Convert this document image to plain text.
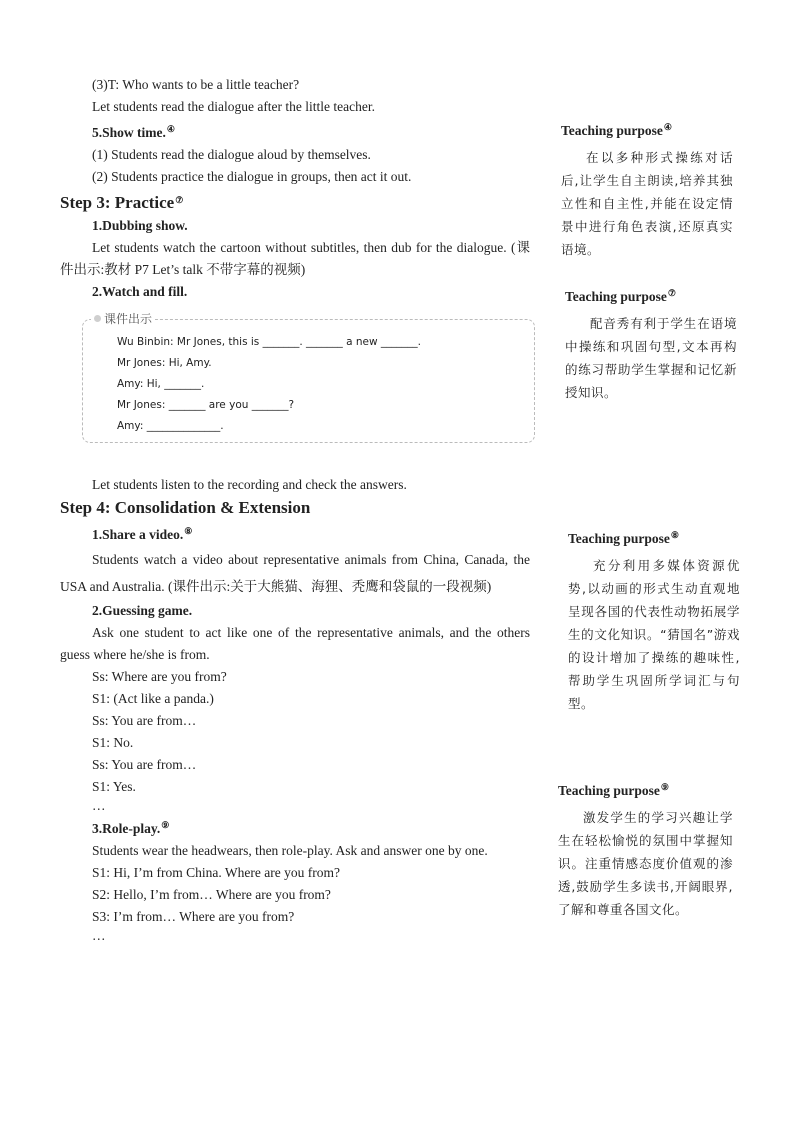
(3)T: Who wants to be a little teacher?

Let students read the dialogue after the little teacher.

5.Show time.④

(1) Students read the dialogue aloud by themselves.

(2) Students practice the dialogue in groups, then act it out.

Step 3: Practice⑦

1.Dubbing show.

Let students watch the cartoon without subtitles, then dub for the dialogue. (课件出示:教材 P7 Let’s talk 不带字幕的视频)

2.Watch and fill.

课件出示
Wu Binbin: Mr Jones, this is _______. _______ a new _______.
Mr Jones: Hi, Amy.
Amy: Hi, _______.
Mr Jones: _______ are you _______?
Amy: ______________.

Let students listen to the recording and check the answers.

Step 4: Consolidation & Extension

1.Share a video.⑧

Students watch a video about representative animals from China, Canada, the USA and Australia. (课件出示:关于大熊猫、海狸、秃鹰和袋鼠的一段视频)

2.Guessing game.

Ask one student to act like one of the representative animals, and the others guess where he/she is from.

Ss: Where are you from?

S1: (Act like a panda.)

Ss: You are from…

S1: No.

Ss: You are from…

S1: Yes.

…

3.Role-play.⑨

Students wear the headwears, then role-play. Ask and answer one by one.

S1: Hi, I’m from China. Where are you from?

S2: Hello, I’m from… Where are you from?

S3: I’m from… Where are you from?

…

Teaching purpose④

在以多种形式操练对话后,让学生自主朗读,培养其独立性和自主性,并能在设定情景中进行角色表演,还原真实语境。

Teaching purpose⑦

配音秀有利于学生在语境中操练和巩固句型,文本再构的练习帮助学生掌握和记忆新授知识。

Teaching purpose⑧

充分利用多媒体资源优势,以动画的形式生动直观地呈现各国的代表性动物拓展学生的文化知识。“猜国名”游戏的设计增加了操练的趣味性,帮助学生巩固所学词汇与句型。

Teaching purpose⑨

激发学生的学习兴趣让学生在轻松愉悦的氛围中掌握知识。注重情感态度价值观的渗透,鼓励学生多读书,开阔眼界,了解和尊重各国文化。
